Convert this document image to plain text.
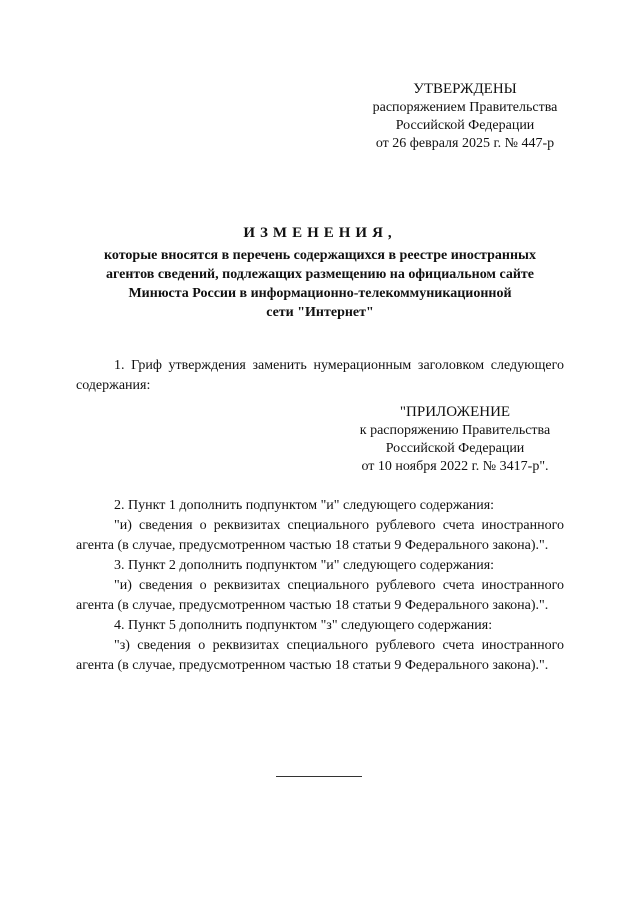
УТВЕРЖДЕНЫ
распоряжением Правительства
Российской Федерации
от 26 февраля 2025 г. № 447-р
ИЗМЕНЕНИЯ,
которые вносятся в перечень содержащихся в реестре иностранных
агентов сведений, подлежащих размещению на официальном сайте
Минюста России в информационно-телекоммуникационной
сети "Интернет"

1. Гриф утверждения заменить нумерационным заголовком следующего содержания:

"ПРИЛОЖЕНИЕ
к распоряжению Правительства
Российской Федерации
от 10 ноября 2022 г. № 3417-р".

2. Пункт 1 дополнить подпунктом "и" следующего содержания:

"и) сведения о реквизитах специального рублевого счета иностранного агента (в случае, предусмотренном частью 18 статьи 9 Федерального закона).".

3. Пункт 2 дополнить подпунктом "и" следующего содержания:

"и) сведения о реквизитах специального рублевого счета иностранного агента (в случае, предусмотренном частью 18 статьи 9 Федерального закона).".

4. Пункт 5 дополнить подпунктом "з" следующего содержания:

"з) сведения о реквизитах специального рублевого счета иностранного агента (в случае, предусмотренном частью 18 статьи 9 Федерального закона).".
